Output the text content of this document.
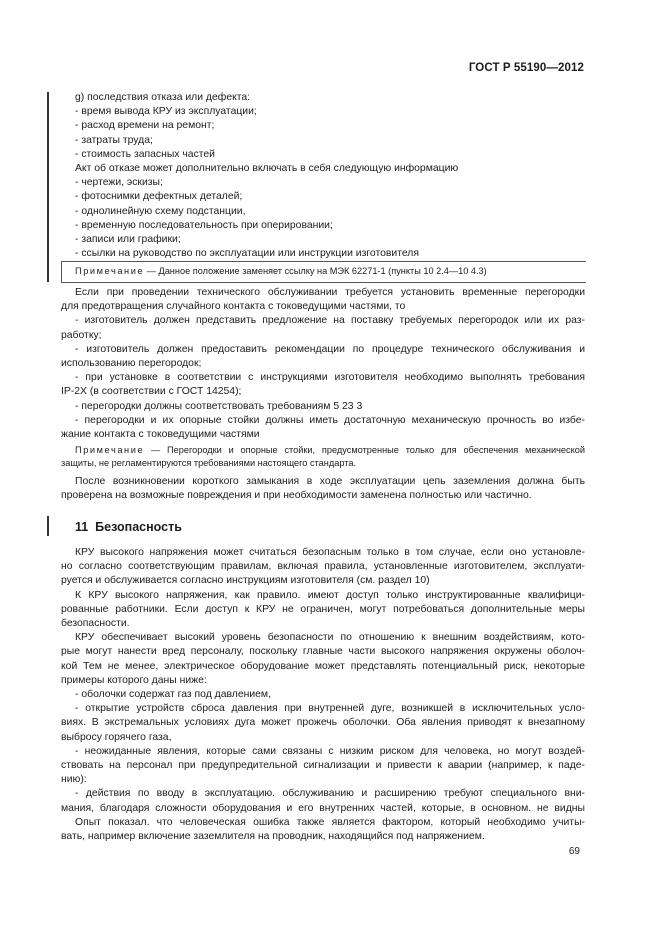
ГОСТ Р 55190—2012
g) последствия отказа или дефекта:
- время вывода КРУ из эксплуатации;
- расход времени на ремонт;
- затраты труда;
- стоимость запасных частей
Акт об отказе может дополнительно включать в себя следующую информацию
- чертежи, эскизы;
- фотоснимки дефектных деталей;
- однолинейную схему подстанции,
- временную последовательность при оперировании;
- записи или графики;
- ссылки на руководство по эксплуатации или инструкции изготовителя
Примечание — Данное положение заменяет ссылку на МЭК 62271-1 (пункты 10 2.4—10 4.3)
Если при проведении технического обслуживании требуется установить временные перегородки
для предотвращения случайного контакта с токоведущими частями, то
- изготовитель должен представить предложение на поставку требуемых перегородок или их раз-
работку;
- изготовитель должен предоставить рекомендации по процедуре технического обслуживания и
использованию перегородок;
- при установке в соответствии с инструкциями изготовителя необходимо выполнять требования
IP-2X (в соответствии с ГОСТ 14254);
- перегородки должны соответствовать требованиям 5 23 3
- перегородки и их опорные стойки должны иметь достаточную механическую прочность во избе-
жание контакта с токоведущими частями
Примечание — Перегородки и опорные стойки, предусмотренные только для обеспечения механической
защиты, не регламентируются требованиями настоящего стандарта.
После возникновении короткого замыкания в ходе эксплуатации цепь заземления должна быть
проверена на возможные повреждения и при необходимости заменена полностью или частично.
11 Безопасность
КРУ высокого напряжения может считаться безопасным только в том случае, если оно установле-
но согласно соответствующим правилам, включая правила, установленные изготовителем, эксплуати-
руется и обслуживается согласно инструкциям изготовителя (см. раздел 10)
К КРУ высокого напряжения, как правило. имеют доступ только инструктированные квалифици-
рованные работники. Если доступ к КРУ не ограничен, могут потребоваться дополнительные меры
безопасности.
КРУ обеспечивает высокий уровень безопасности по отношению к внешним воздействиям, кото-
рые могут нанести вред персоналу, поскольку главные части высокого напряжения окружены оболоч-
кой Тем не менее, электрическое оборудование может представлять потенциальный риск, некоторые
примеры которого даны ниже:
- оболочки содержат газ под давлением,
- открытие устройств сброса давления при внутренней дуге, возникшей в исключительных усло-
виях. В экстремальных условиях дуга может прожечь оболочки. Оба явления приводят к внезапному
выбросу горячего газа,
- неожиданные явления, которые сами связаны с низким риском для человека, но могут воздей-
ствовать на персонал при предупредительной сигнализации и привести к аварии (например, к паде-
нию):
- действия по вводу в эксплуатацию. обслуживанию и расширению требуют специального вни-
мания, благодаря сложности оборудования и его внутренних частей, которые, в основном. не видны
Опыт показал. что человеческая ошибка также является фактором, который необходимо учиты-
вать, например включение заземлителя на проводник, находящийся под напряжением.
69
